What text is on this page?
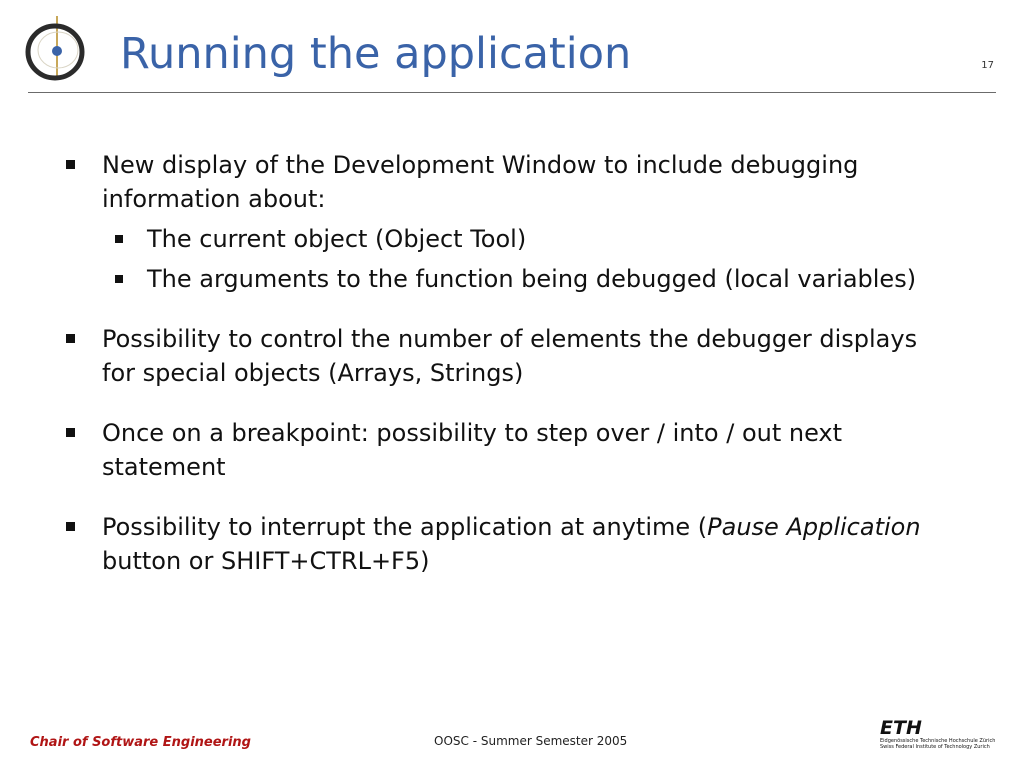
Running the application	17
New display of the Development Window to include debugging information about:
The current object (Object Tool)
The arguments to the function being debugged (local variables)
Possibility to control the number of elements the debugger displays for special objects (Arrays, Strings)
Once on a breakpoint: possibility to step over / into / out next statement
Possibility to interrupt the application at anytime (Pause Application button or SHIFT+CTRL+F5)
Chair of Software Engineering	OOSC - Summer Semester 2005
ETH
Eidgenössische Technische Hochschule Zürich
Swiss Federal Institute of Technology Zurich
